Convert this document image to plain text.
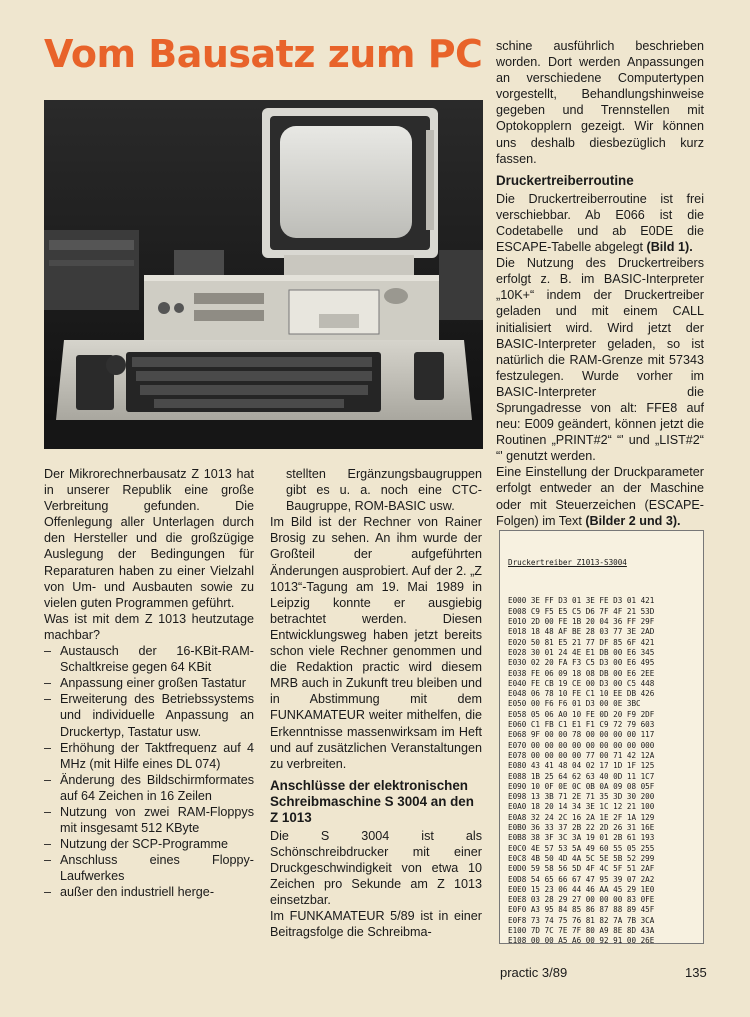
Vom Bausatz zum PC

Der Mikrorechnerbausatz Z 1013 hat in unserer Republik eine große Verbreitung gefunden. Die Offenlegung aller Unterlagen durch den Hersteller und die großzügige Auslegung der Bedingungen für Reparaturen haben zu einer Vielzahl von Um- und Ausbauten sowie zu vielen guten Programmen geführt.

Was ist mit dem Z 1013 heutzutage machbar?

– Austausch der 16-KBit-RAM-Schaltkreise gegen 64 KBit
– Anpassung einer großen Tastatur
– Erweiterung des Betriebssystems und individuelle Anpassung an Druckertyp, Tastatur usw.
– Erhöhung der Taktfrequenz auf 4 MHz (mit Hilfe eines DL 074)
– Änderung des Bildschirmformates auf 64 Zeichen in 16 Zeilen
– Nutzung von zwei RAM-Floppys mit insgesamt 512 KByte
– Nutzung der SCP-Programme
– Anschluss eines Floppy-Laufwerkes
– außer den industriell herge-

stellten Ergänzungsbaugruppen gibt es u. a. noch eine CTC-Baugruppe, ROM-BASIC usw.

Im Bild ist der Rechner von Rainer Brosig zu sehen. An ihm wurde der Großteil der aufgeführten Änderungen ausprobiert. Auf der 2. „Z 1013“-Tagung am 19. Mai 1989 in Leipzig konnte er ausgiebig betrachtet werden. Diesen Entwicklungsweg haben jetzt bereits schon viele Rechner genommen und die Redaktion practic wird diesem MRB auch in Zukunft treu bleiben und in Abstimmung mit dem FUNKAMATEUR weiter mithelfen, die Erkenntnisse massenwirksam im Heft und auf zusätzlichen Veranstaltungen zu verbreiten.

Anschlüsse der elektronischen Schreibmaschine S 3004 an den Z 1013

Die S 3004 ist als Schönschreibdrucker mit einer Druckgeschwindigkeit von etwa 10 Zeichen pro Sekunde am Z 1013 einsetzbar.

Im FUNKAMATEUR 5/89 ist in einer Beitragsfolge die Schreibma-

schine ausführlich beschrieben worden. Dort werden Anpassungen an verschiedene Computertypen vorgestellt, Behandlungshinweise gegeben und Trennstellen mit Optokopplern gezeigt. Wir können uns deshalb diesbezüglich kurz fassen.

Druckertreiberroutine

Die Druckertreiberroutine ist frei verschiebbar. Ab E066 ist die Codetabelle und ab E0DE die ESCAPE-Tabelle abgelegt (Bild 1).

Die Nutzung des Druckertreibers erfolgt z. B. im BASIC-Interpreter „10K+“ indem der Druckertreiber geladen und mit einem CALL initialisiert wird. Wird jetzt der BASIC-Interpreter geladen, so ist natürlich die RAM-Grenze mit 57343 festzulegen. Wurde vorher im BASIC-Interpreter die Sprungadresse von alt: FFE8 auf neu: E009 geändert, können jetzt die Routinen „PRINT#2“ “' und „LIST#2“ “' genutzt werden.

Eine Einstellung der Druckparameter erfolgt entweder an der Maschine oder mit Steuerzeichen (ESCAPE-Folgen) im Text (Bilder 2 und 3).

Druckertreiber Z1013-S3004

E000 3E FF D3 01 3E FE D3 01 421
E008 C9 F5 E5 C5 D6 7F 4F 21 53D
E010 2D 00 FE 1B 20 04 36 FF 29F
E018 18 48 AF BE 28 03 77 3E 2AD
E020 50 81 E5 21 77 DF 85 6F 421
E028 30 01 24 4E E1 DB 00 E6 345
E030 02 20 FA F3 C5 D3 00 E6 495
E038 FE 06 09 18 08 DB 00 E6 2EE
E040 FE CB 19 CE 00 D3 00 C5 448
E048 06 78 10 FE C1 10 EE DB 426
E050 00 F6 F6 01 D3 00 0E 3BC
E058 05 06 A0 10 FE 0D 20 F9 2DF
E060 C1 FB C1 E1 F1 C9 72 79 603
E068 9F 00 00 78 00 00 00 00 117
E070 00 00 00 00 00 00 00 00 000
E078 00 00 00 00 77 00 71 42 12A
E080 43 41 48 04 02 17 1D 1F 125
E088 1B 25 64 62 63 40 0D 11 1C7
E090 10 0F 0E 0C 0B 0A 09 08 05F
E098 13 3B 71 2E 71 35 3D 30 200
E0A0 18 20 14 34 3E 1C 12 21 100
E0A8 32 24 2C 16 2A 1E 2F 1A 129
E0B0 36 33 37 2B 22 2D 26 31 16E
E0B8 38 3F 3C 3A 19 01 2B 61 193
E0C0 4E 57 53 5A 49 60 55 05 255
E0C8 4B 50 4D 4A 5C 5E 5B 52 299
E0D0 59 58 56 5D 4F 4C 5F 51 2AF
E0D8 54 65 66 67 47 95 39 07 2A2
E0E0 15 23 06 44 46 AA 45 29 1E0
E0E8 03 28 29 27 00 00 00 83 0FE
E0F0 A3 95 84 85 86 87 88 89 45F
E0F8 73 74 75 76 81 82 7A 7B 3CA
E100 7D 7C 7E 7F 80 A9 8E 8D 43A
E108 00 00 A5 A6 00 92 91 00 26E

practic 3/89	135
